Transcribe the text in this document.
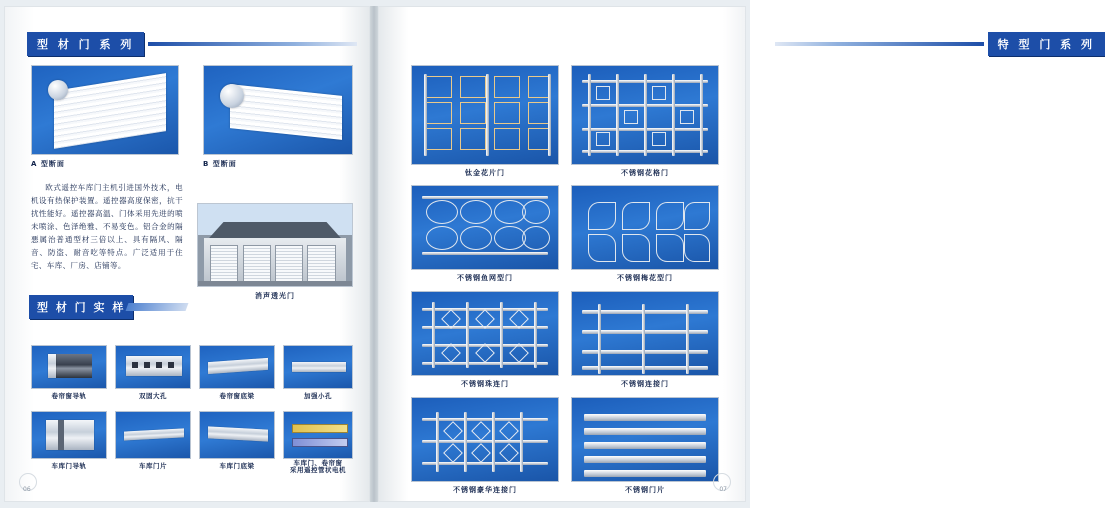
型 材 门 系 列
A 型断面	B 型断面
欧式遥控车库门主机引进国外技术，电机设有热保护装置。遥控器高度保密，抗干扰性能好。遥控器高温、门体采用先进的喷未喷涂、色泽绝雅、不易变色。铝合金的隔悪属治普通型材三倍以上、具有隔风、隔音、防盗、耐音吃等特点。广泛适用于住宅、车库、厂房、店铺等。
消声透光门
型 材 门 实 样
卷帘窗导轨	双固大孔	卷帘窗底梁	加强小孔
车库门导轨	车库门片	车库门底梁	车库门、卷帘窗
采用遥控管状电机
06
特 型 门 系 列
钛金花片门	不锈钢花格门
不锈钢鱼网型门	不锈钢梅花型门
不锈钢珠连门	不锈钢连接门
不锈钢豪华连接门	不锈钢门片	07
